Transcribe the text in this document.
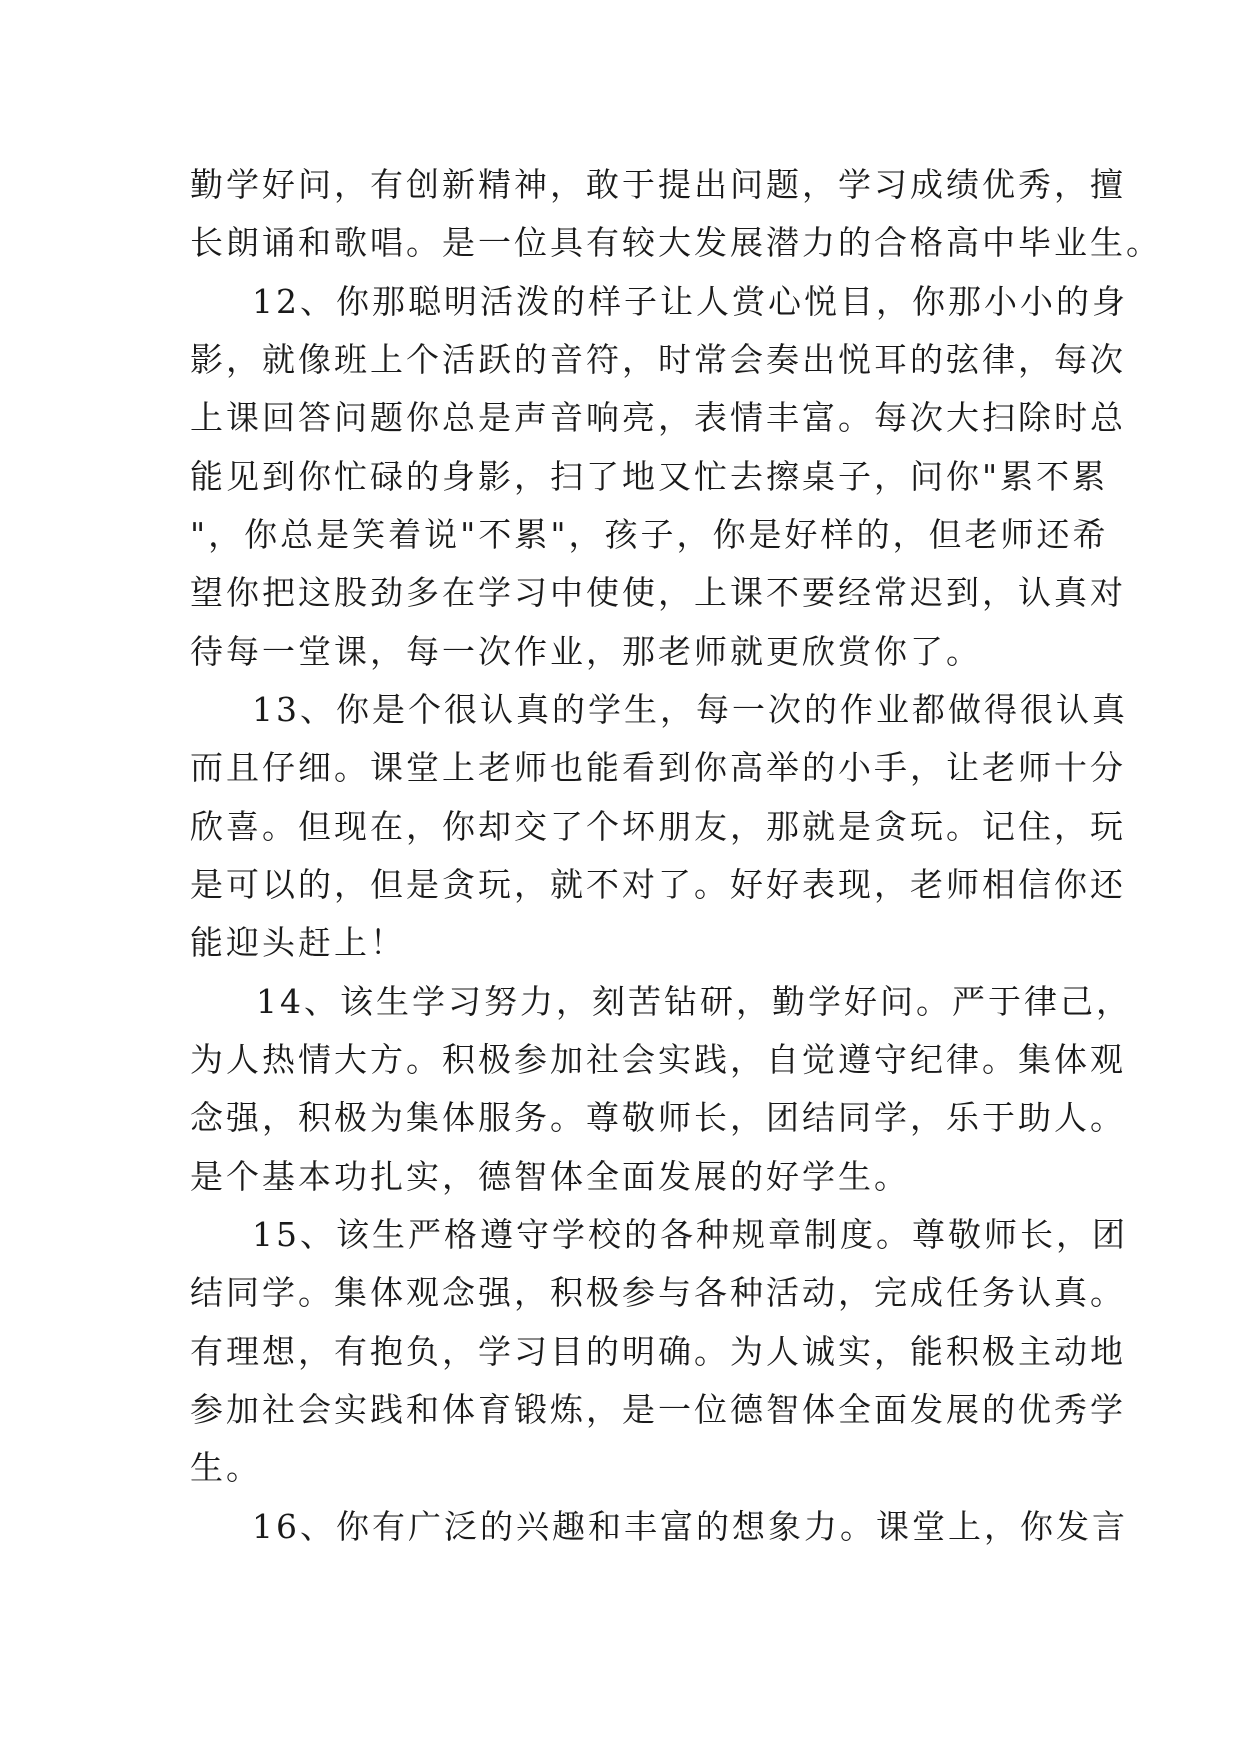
勤学好问，有创新精神，敢于提出问题，学习成绩优秀，擅
长朗诵和歌唱。是一位具有较大发展潜力的合格高中毕业生。
12、你那聪明活泼的样子让人赏心悦目，你那小小的身
影，就像班上个活跃的音符，时常会奏出悦耳的弦律，每次
上课回答问题你总是声音响亮，表情丰富。每次大扫除时总
能见到你忙碌的身影，扫了地又忙去擦桌子，问你"累不累
"，你总是笑着说"不累"，孩子，你是好样的，但老师还希
望你把这股劲多在学习中使使，上课不要经常迟到，认真对
待每一堂课，每一次作业，那老师就更欣赏你了。
13、你是个很认真的学生，每一次的作业都做得很认真
而且仔细。课堂上老师也能看到你高举的小手，让老师十分
欣喜。但现在，你却交了个坏朋友，那就是贪玩。记住，玩
是可以的，但是贪玩，就不对了。好好表现，老师相信你还
能迎头赶上！
14、该生学习努力，刻苦钻研，勤学好问。严于律己，
为人热情大方。积极参加社会实践，自觉遵守纪律。集体观
念强，积极为集体服务。尊敬师长，团结同学，乐于助人。
是个基本功扎实，德智体全面发展的好学生。
15、该生严格遵守学校的各种规章制度。尊敬师长，团
结同学。集体观念强，积极参与各种活动，完成任务认真。
有理想，有抱负，学习目的明确。为人诚实，能积极主动地
参加社会实践和体育锻炼，是一位德智体全面发展的优秀学
生。
16、你有广泛的兴趣和丰富的想象力。课堂上，你发言
